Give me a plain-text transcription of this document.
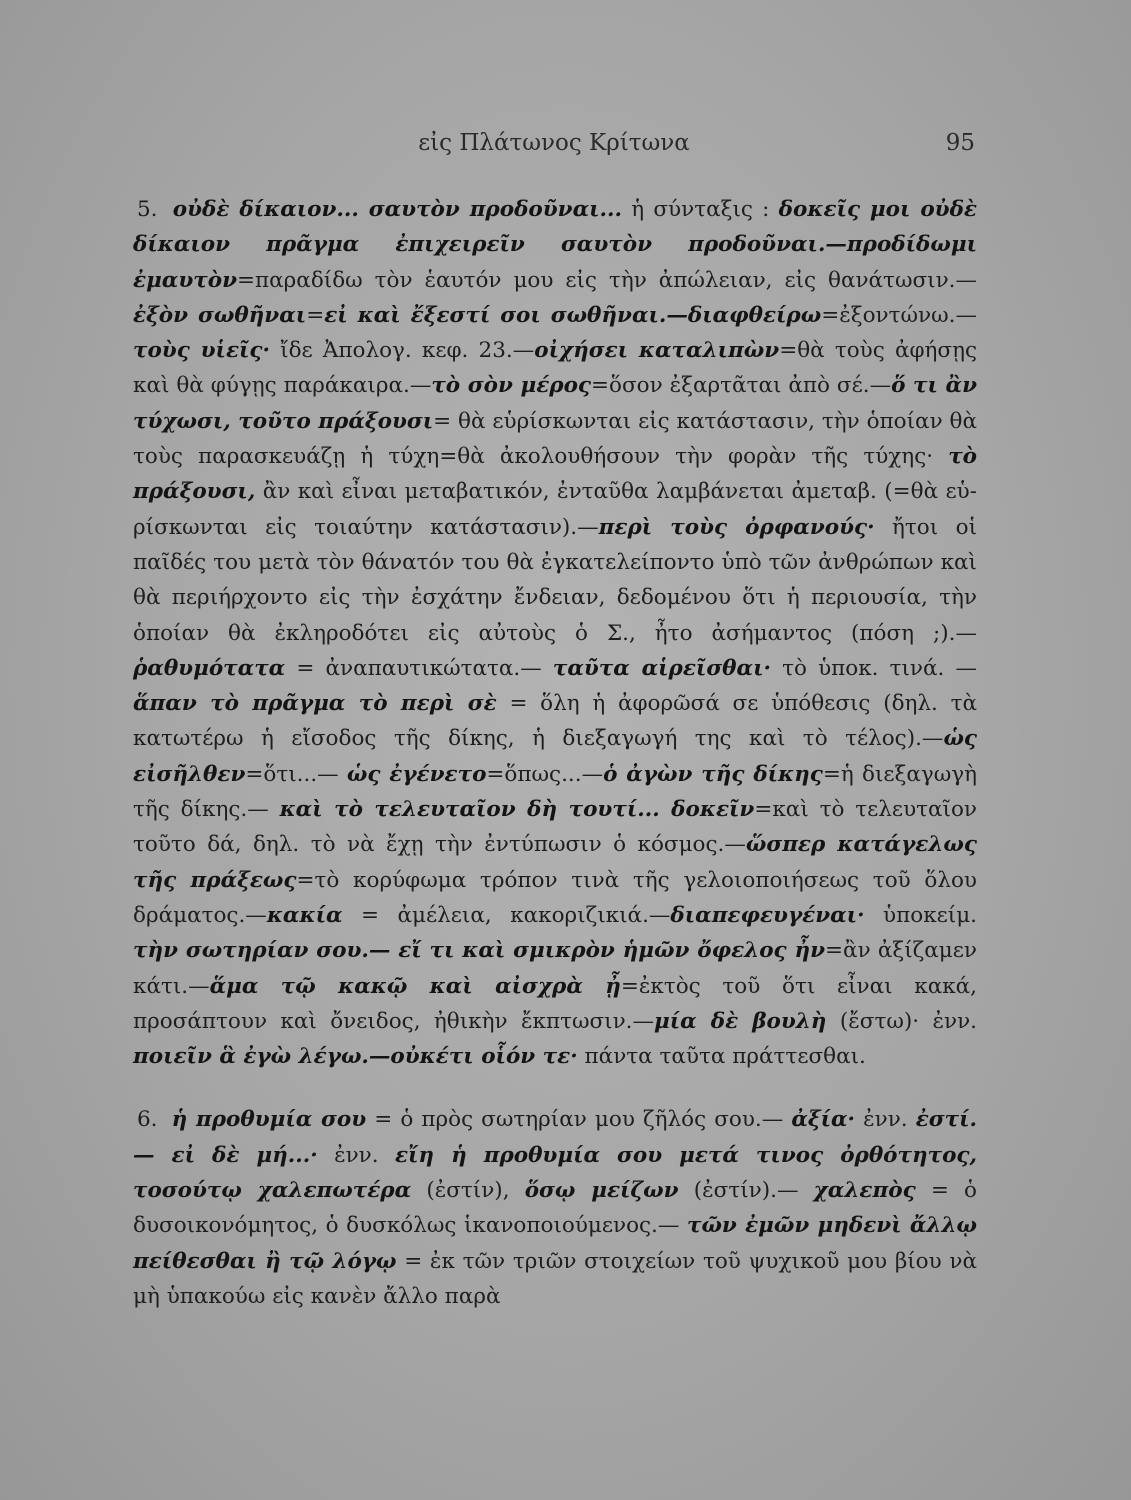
εἰς Πλάτωνος Κρίτωνα	95

5. οὐδὲ δίκαιον... σαυτὸν προδοῦναι... ἡ σύνταξις : δοκεῖς μοι οὐδὲ δίκαιον πρᾶγμα ἐπιχειρεῖν σαυτὸν προδοῦναι.—προδίδωμι ἐμαυτὸν=παραδίδω τὸν ἑαυτόν μου εἰς τὴν ἀπώλειαν, εἰς θανάτωσιν.—ἐξὸν σωθῆναι=εἰ καὶ ἔξεστί σοι σωθῆναι.—διαφθείρω=ἐξοντώνω.—τοὺς υἱεῖς· ἴδε Ἀπολογ. κεφ. 23.—οἰχήσει καταλιπὼν=θὰ τοὺς ἀφήσῃς καὶ θὰ φύγῃς παράκαιρα.—τὸ σὸν μέρος=ὅσον ἐξαρτᾶται ἀπὸ σέ.—ὅ τι ἂν τύχωσι, τοῦτο πράξουσι= θὰ εὑρίσκωνται εἰς κατάστασιν, τὴν ὁποίαν θὰ τοὺς παρασκευάζῃ ἡ τύχη=θὰ ἀκολουθήσουν τὴν φορὰν τῆς τύχης· τὸ πράξουσι, ἂν καὶ εἶναι μεταβατικόν, ἐνταῦθα λαμβάνεται ἀμεταβ. (=θὰ εὑρίσκωνται εἰς τοιαύτην κατάστασιν).—περὶ τοὺς ὀρφανούς· ἤτοι οἱ παῖδές του μετὰ τὸν θάνατόν του θὰ ἐγκατελείποντο ὑπὸ τῶν ἀνθρώπων καὶ θὰ περιήρχοντο εἰς τὴν ἐσχάτην ἔνδειαν, δεδομένου ὅτι ἡ περιουσία, τὴν ὁποίαν θὰ ἐκληροδότει εἰς αὐτοὺς ὁ Σ., ἦτο ἀσήμαντος (πόση ;).— ῥαθυμότατα = ἀναπαυτικώτατα.— ταῦτα αἱρεῖσθαι· τὸ ὑποκ. τινά. — ἅπαν τὸ πρᾶγμα τὸ περὶ σὲ = ὅλη ἡ ἀφορῶσά σε ὑπόθεσις (δηλ. τὰ κατωτέρω ἡ εἴσοδος τῆς δίκης, ἡ διεξαγωγή της καὶ τὸ τέλος).—ὡς εἰσῆλθεν=ὅτι...— ὡς ἐγένετο=ὅπως...—ὁ ἀγὼν τῆς δίκης=ἡ διεξαγωγὴ τῆς δίκης.— καὶ τὸ τελευταῖον δὴ τουτί... δοκεῖν=καὶ τὸ τελευταῖον τοῦτο δά, δηλ. τὸ νὰ ἔχῃ τὴν ἐντύπωσιν ὁ κόσμος.—ὥσπερ κατάγελως τῆς πράξεως=τὸ κορύφωμα τρόπον τινὰ τῆς γελοιοποιήσεως τοῦ ὅλου δράματος.—κακία = ἀμέλεια, κακοριζικιά.—διαπεφευγέναι· ὑποκείμ. τὴν σωτηρίαν σου.— εἴ τι καὶ σμικρὸν ἡμῶν ὄφελος ἦν=ἂν ἀξίζαμεν κάτι.—ἅμα τῷ κακῷ καὶ αἰσχρὰ ᾖ=ἐκτὸς τοῦ ὅτι εἶναι κακά, προσάπτουν καὶ ὄνειδος, ἠθικὴν ἔκπτωσιν.—μία δὲ βουλὴ (ἔστω)· ἐνν. ποιεῖν ἃ ἐγὼ λέγω.—οὐκέτι οἷόν τε· πάντα ταῦτα πράττεσθαι.

6. ἡ προθυμία σου = ὁ πρὸς σωτηρίαν μου ζῆλός σου.— ἀξία· ἐνν. ἐστί.— εἰ δὲ μή...· ἐνν. εἴη ἡ προθυμία σου μετά τινος ὀρθότητος, τοσούτῳ χαλεπωτέρα (ἐστίν), ὅσῳ μείζων (ἐστίν).— χαλεπὸς = ὁ δυσοικονόμητος, ὁ δυσκόλως ἱκανοποιούμενος.— τῶν ἐμῶν μηδενὶ ἄλλῳ πείθεσθαι ἢ τῷ λόγῳ = ἐκ τῶν τριῶν στοιχείων τοῦ ψυχικοῦ μου βίου νὰ μὴ ὑπακούω εἰς κανὲν ἄλλο παρὰ
